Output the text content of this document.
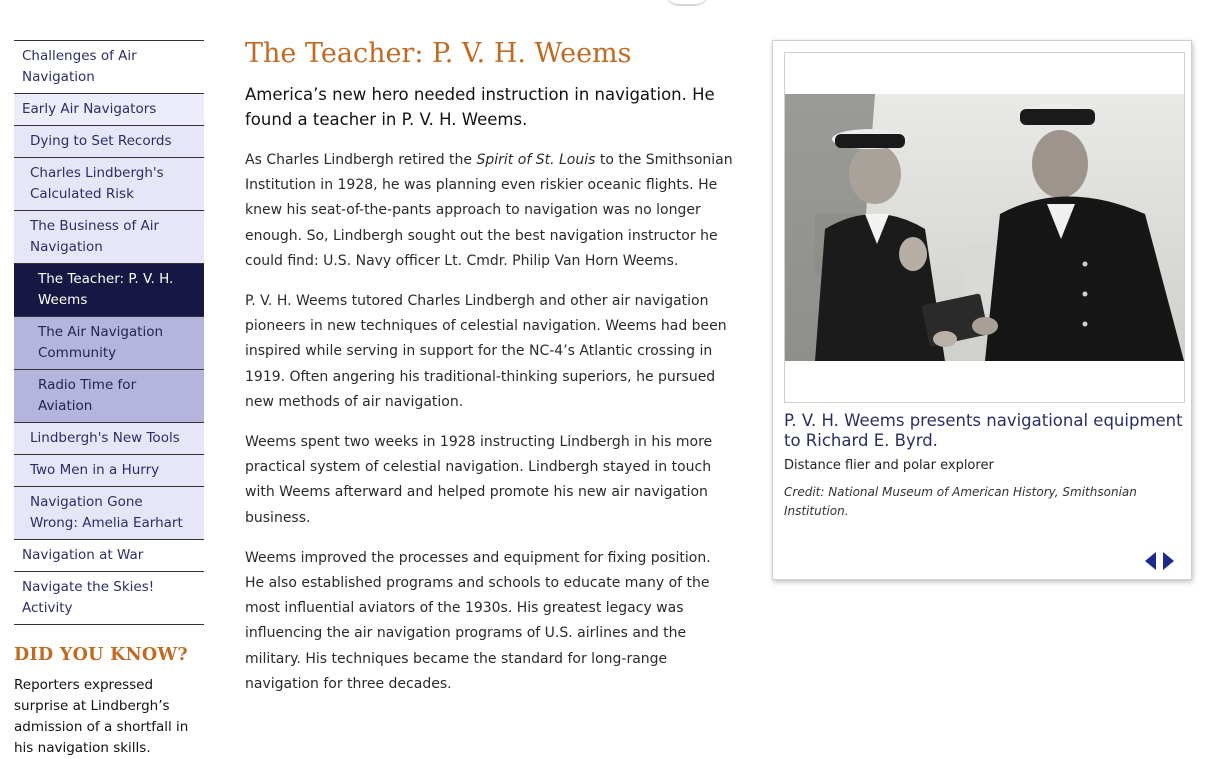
Challenges of Air Navigation
Early Air Navigators
Dying to Set Records
Charles Lindbergh's Calculated Risk
The Business of Air Navigation
The Teacher: P. V. H. Weems
The Air Navigation Community
Radio Time for Aviation
Lindbergh's New Tools
Two Men in a Hurry
Navigation Gone Wrong: Amelia Earhart
Navigation at War
Navigate the Skies! Activity
DID YOU KNOW?

Reporters expressed surprise at Lindbergh’s admission of a shortfall in his navigation skills.

The Teacher: P. V. H. Weems

America’s new hero needed instruction in navigation. He found a teacher in P. V. H. Weems.

As Charles Lindbergh retired the Spirit of St. Louis to the Smithsonian Institution in 1928, he was planning even riskier oceanic flights. He knew his seat-of-the-pants approach to navigation was no longer enough. So, Lindbergh sought out the best navigation instructor he could find: U.S. Navy officer Lt. Cmdr. Philip Van Horn Weems.

P. V. H. Weems tutored Charles Lindbergh and other air navigation pioneers in new techniques of celestial navigation. Weems had been inspired while serving in support for the NC-4’s Atlantic crossing in 1919. Often angering his traditional-thinking superiors, he pursued new methods of air navigation.

Weems spent two weeks in 1928 instructing Lindbergh in his more practical system of celestial navigation. Lindbergh stayed in touch with Weems afterward and helped promote his new air navigation business.

Weems improved the processes and equipment for fixing position. He also established programs and schools to educate many of the most influential aviators of the 1930s. His greatest legacy was influencing the air navigation programs of U.S. airlines and the military. His techniques became the standard for long-range navigation for three decades.

P. V. H. Weems presents navigational equipment to Richard E. Byrd.
Distance flier and polar explorer
Credit: National Museum of American History, Smithsonian Institution.
